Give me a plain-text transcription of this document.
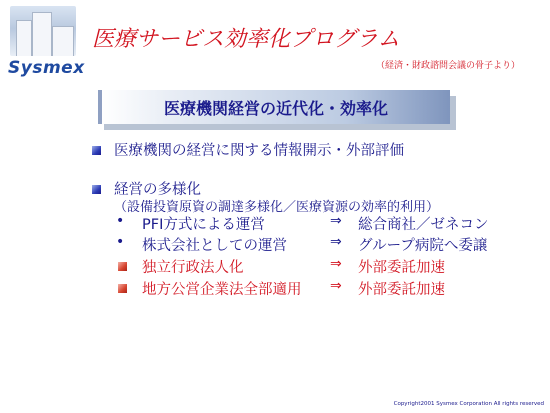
Sysmex
医療サービス効率化プログラム
（経済・財政諮問会議の骨子より）
医療機関経営の近代化・効率化
医療機関の経営に関する情報開示・外部評価
経営の多様化
（設備投資原資の調達多様化／医療資源の効率的利用）
• PFI方式による運営	⇒ 総合商社／ゼネコン
• 株式会社としての運営	⇒ グループ病院へ委譲
独立行政法人化	⇒ 外部委託加速
地方公営企業法全部適用 ⇒ 外部委託加速
Copyright2001 Sysmex Corporation All rights reserved
